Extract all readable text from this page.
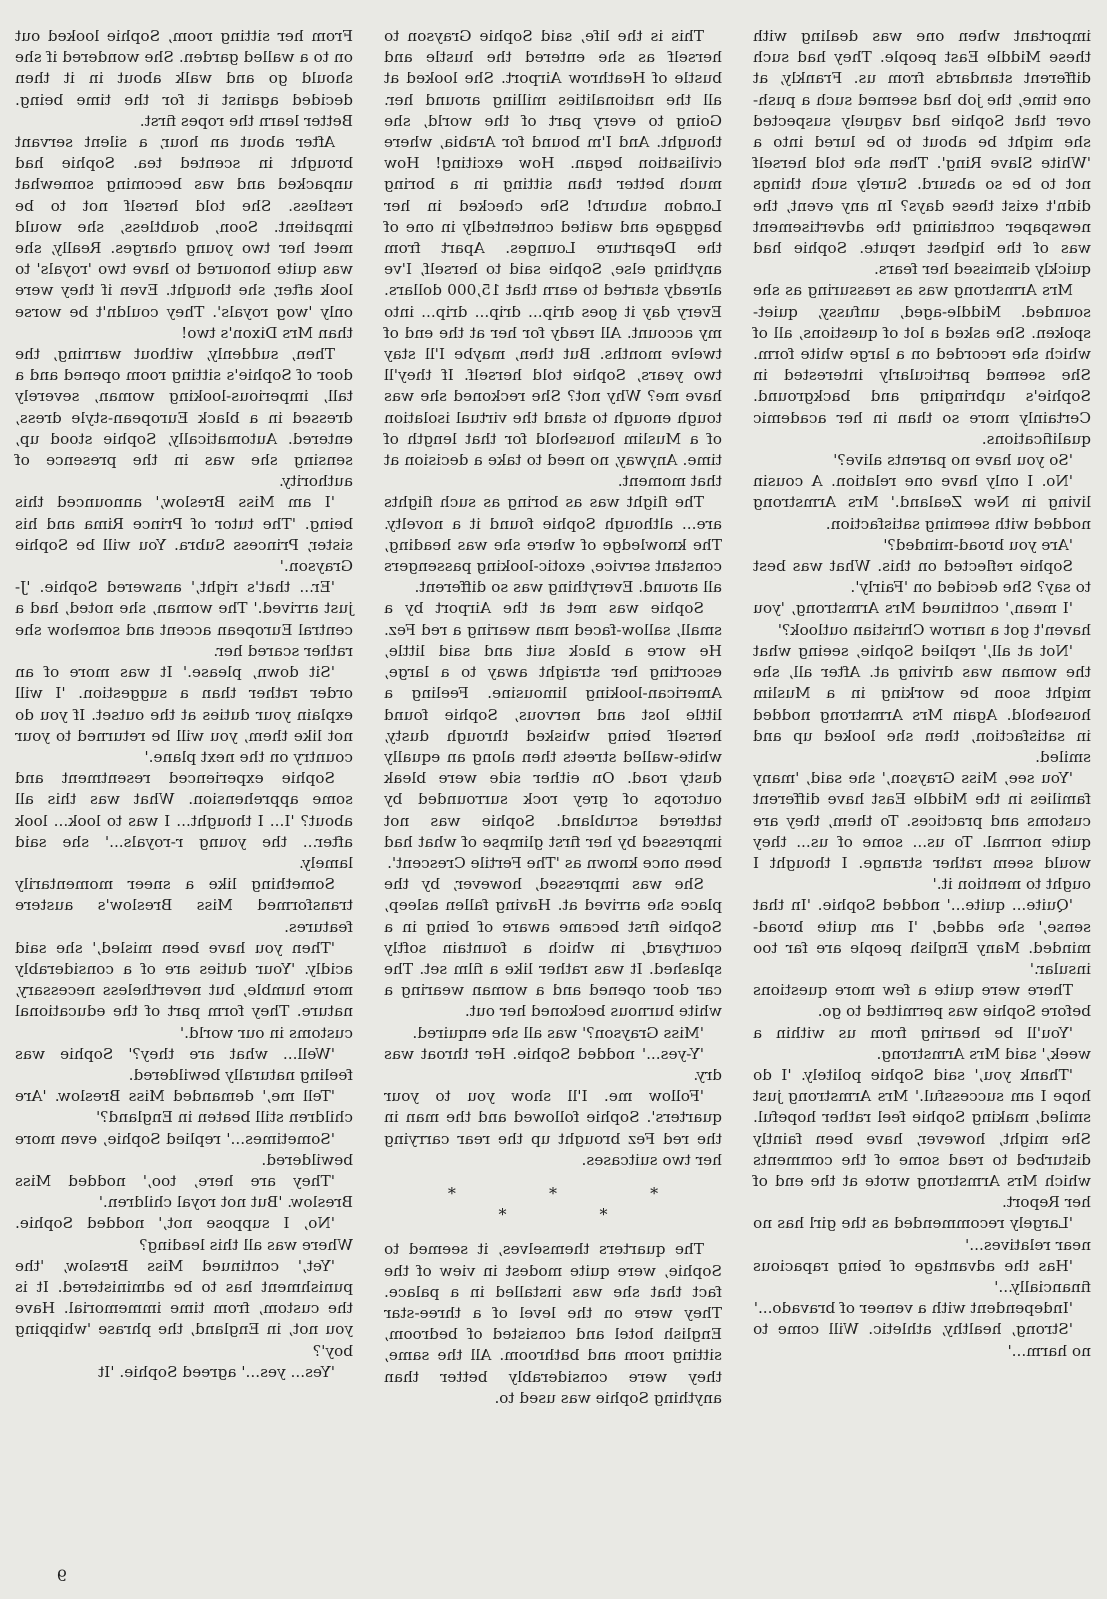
important when one was dealing with these Middle East people. They had such different standards from us. Frankly, at one time, the job had seemed such a push-over that Sophie had vaguely suspected she might be about to be lured into a 'White Slave Ring'. Then she told herself not to be so absurd. Surely such things didn't exist these days? In any event, the newspaper containing the advertisement was of the highest repute. Sophie had quickly dismissed her fears.

Mrs Armstrong was as reassuring as she sounded. Middle-aged, unfussy, quiet-spoken. She asked a lot of questions, all of which she recorded on a large white form. She seemed particularly interested in Sophie's upbringing and background. Certainly more so than in her academic qualifications.

'So you have no parents alive?'

'No. I only have one relation. A cousin living in New Zealand.' Mrs Armstrong nodded with seeming satisfaction.

'Are you broad-minded?'

Sophie reflected on this. What was best to say? She decided on 'Fairly'.

'I mean,' continued Mrs Armstrong, 'you haven't got a narrow Christian outlook?'

'Not at all,' replied Sophie, seeing what the woman was driving at. After all, she might soon be working in a Muslim household. Again Mrs Armstrong nodded in satisfaction, then she looked up and smiled.

'You see, Miss Grayson,' she said, 'many families in the Middle East have different customs and practices. To them, they are quite normal. To us... some of us... they would seem rather strange. I thought I ought to mention it.'

'Quite... quite...' nodded Sophie. 'In that sense,' she added, 'I am quite broad-minded. Many English people are far too insular.'

There were quite a few more questions before Sophie was permitted to go.

'You'll be hearing from us within a week,' said Mrs Armstrong.

'Thank you,' said Sophie politely. 'I do hope I am successful.' Mrs Armstrong just smiled, making Sophie feel rather hopeful. She might, however, have been faintly disturbed to read some of the comments which Mrs Armstrong wrote at the end of her Report.

'Largely recommended as the girl has no near relatives...'

'Has the advantage of being rapacious financially...'

'Independent with a veneer of bravado...'

'Strong, healthy, athletic. Will come to no harm...'

This is the life, said Sophie Grayson to herself as she entered the hustle and bustle of Heathrow Airport. She looked at all the nationalities milling around her. Going to every part of the world, she thought. And I'm bound for Arabia, where civilisation began. How exciting! How much better than sitting in a boring London suburb! She checked in her baggage and waited contentedly in one of the Departure Lounges. Apart from anything else, Sophie said to herself, I've already started to earn that 15,000 dollars. Every day it goes drip... drip... drip... into my account. All ready for her at the end of twelve months. But then, maybe I'll stay two years, Sophie told herself. If they'll have me? Why not? She reckoned she was tough enough to stand the virtual isolation of a Muslim household for that length of time. Anyway, no need to take a decision at that moment.

The flight was as boring as such flights are... although Sophie found it a novelty. The knowledge of where she was heading, constant service, exotic-looking passengers all around. Everything was so different.

Sophie was met at the Airport by a small, sallow-faced man wearing a red Fez. He wore a black suit and said little, escorting her straight away to a large, American-looking limousine. Feeling a little lost and nervous, Sophie found herself being whisked through dusty, white-walled streets then along an equally dusty road. On either side were bleak outcrops of grey rock surrounded by tattered scrubland. Sophie was not impressed by her first glimpse of what had been once known as 'The Fertile Crescent'.

She was impressed, however, by the place she arrived at. Having fallen asleep, Sophie first became aware of being in a courtyard, in which a fountain softly splashed. It was rather like a film set. The car door opened and a woman wearing a white burnous beckoned her out.

'Miss Grayson?' was all she enquired.

'Y-yes...' nodded Sophie. Her throat was dry.

'Follow me. I'll show you to your quarters'. Sophie followed and the man in the red Fez brought up the rear carrying her two suitcases.

* * * * *

The quarters themselves, it seemed to Sophie, were quite modest in view of the fact that she was installed in a palace. They were on the level of a three-star English hotel and consisted of bedroom, sitting room and bathroom. All the same, they were considerably better than anything Sophie was used to.

From her sitting room, Sophie looked out on to a walled garden. She wondered if she should go and walk about in it then decided against it for the time being. Better learn the ropes first.

After about an hour, a silent servant brought in scented tea. Sophie had unpacked and was becoming somewhat restless. She told herself not to be impatient. Soon, doubtless, she would meet her two young charges. Really, she was quite honoured to have two 'royals' to look after, she thought. Even if they were only 'wog royals'. They couldn't be worse than Mrs Dixon's two!

Then, suddenly, without warning, the door of Sophie's sitting room opened and a tall, imperious-looking woman, severely dressed in a black European-style dress, entered. Automatically, Sophie stood up, sensing she was in the presence of authority.

'I am Miss Breslow,' announced this being. 'The tutor of Prince Rima and his sister, Princess Subra. You will be Sophie Grayson.'

'Er... that's right,' answered Sophie. 'J-just arrived.' The woman, she noted, had a central European accent and somehow she rather scared her.

'Sit down, please.' It was more of an order rather than a suggestion. 'I will explain your duties at the outset. If you do not like them, you will be returned to your country on the next plane.'

Sophie experienced resentment and some apprehension. What was this all about? 'I... I thought... I was to look... look after... the young r-royals...' she said lamely.

Something like a sneer momentarily transformed Miss Breslow's austere features.

'Then you have been misled,' she said acidly. 'Your duties are of a considerably more humble, but nevertheless necessary, nature. They form part of the educational customs in our world.'

'Well... what are they?' Sophie was feeling naturally bewildered.

'Tell me,' demanded Miss Breslow. 'Are children still beaten in England?'

'Sometimes...' replied Sophie, even more bewildered.

'They are here, too,' nodded Miss Breslow. 'But not royal children.'

'No, I suppose not,' nodded Sophie. Where was all this leading?

'Yet,' continued Miss Breslow, 'the punishment has to be administered. It is the custom, from time immemorial. Have you not, in England, the phrase 'whipping boy'?

'Yes... yes...' agreed Sophie. 'It

9
